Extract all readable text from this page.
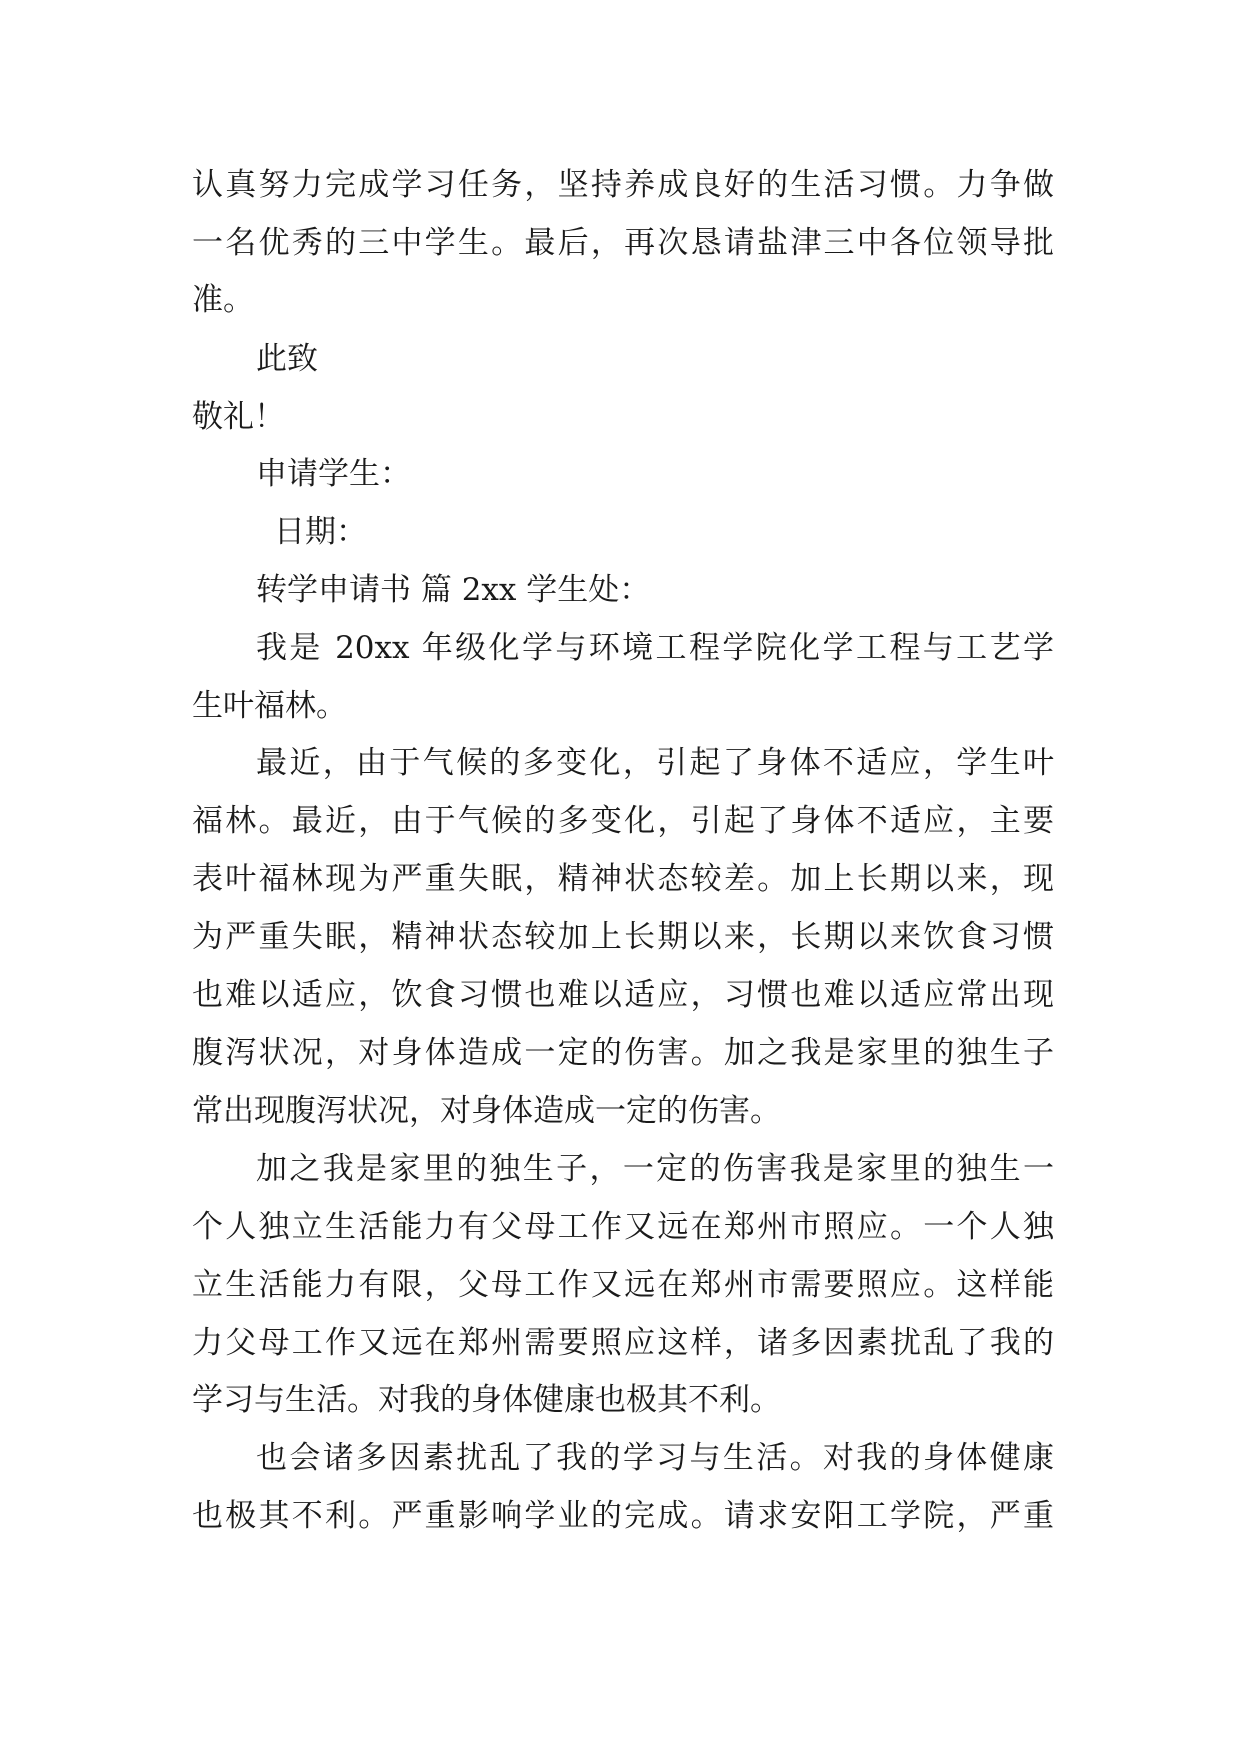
认真努力完成学习任务，坚持养成良好的生活习惯。力争做
一名优秀的三中学生。最后，再次恳请盐津三中各位领导批
准。
此致
敬礼！
申请学生：
日期：
转学申请书 篇 2xx 学生处：
我是 20xx 年级化学与环境工程学院化学工程与工艺学
生叶福林。
最近，由于气候的多变化，引起了身体不适应，学生叶
福林。最近，由于气候的多变化，引起了身体不适应，主要
表叶福林现为严重失眠，精神状态较差。加上长期以来，现
为严重失眠，精神状态较加上长期以来，长期以来饮食习惯
也难以适应，饮食习惯也难以适应，习惯也难以适应常出现
腹泻状况，对身体造成一定的伤害。加之我是家里的独生子
常出现腹泻状况，对身体造成一定的伤害。
加之我是家里的独生子，一定的伤害我是家里的独生一
个人独立生活能力有父母工作又远在郑州市照应。一个人独
立生活能力有限，父母工作又远在郑州市需要照应。这样能
力父母工作又远在郑州需要照应这样，诸多因素扰乱了我的
学习与生活。对我的身体健康也极其不利。
也会诸多因素扰乱了我的学习与生活。对我的身体健康
也极其不利。严重影响学业的完成。请求安阳工学院，严重
